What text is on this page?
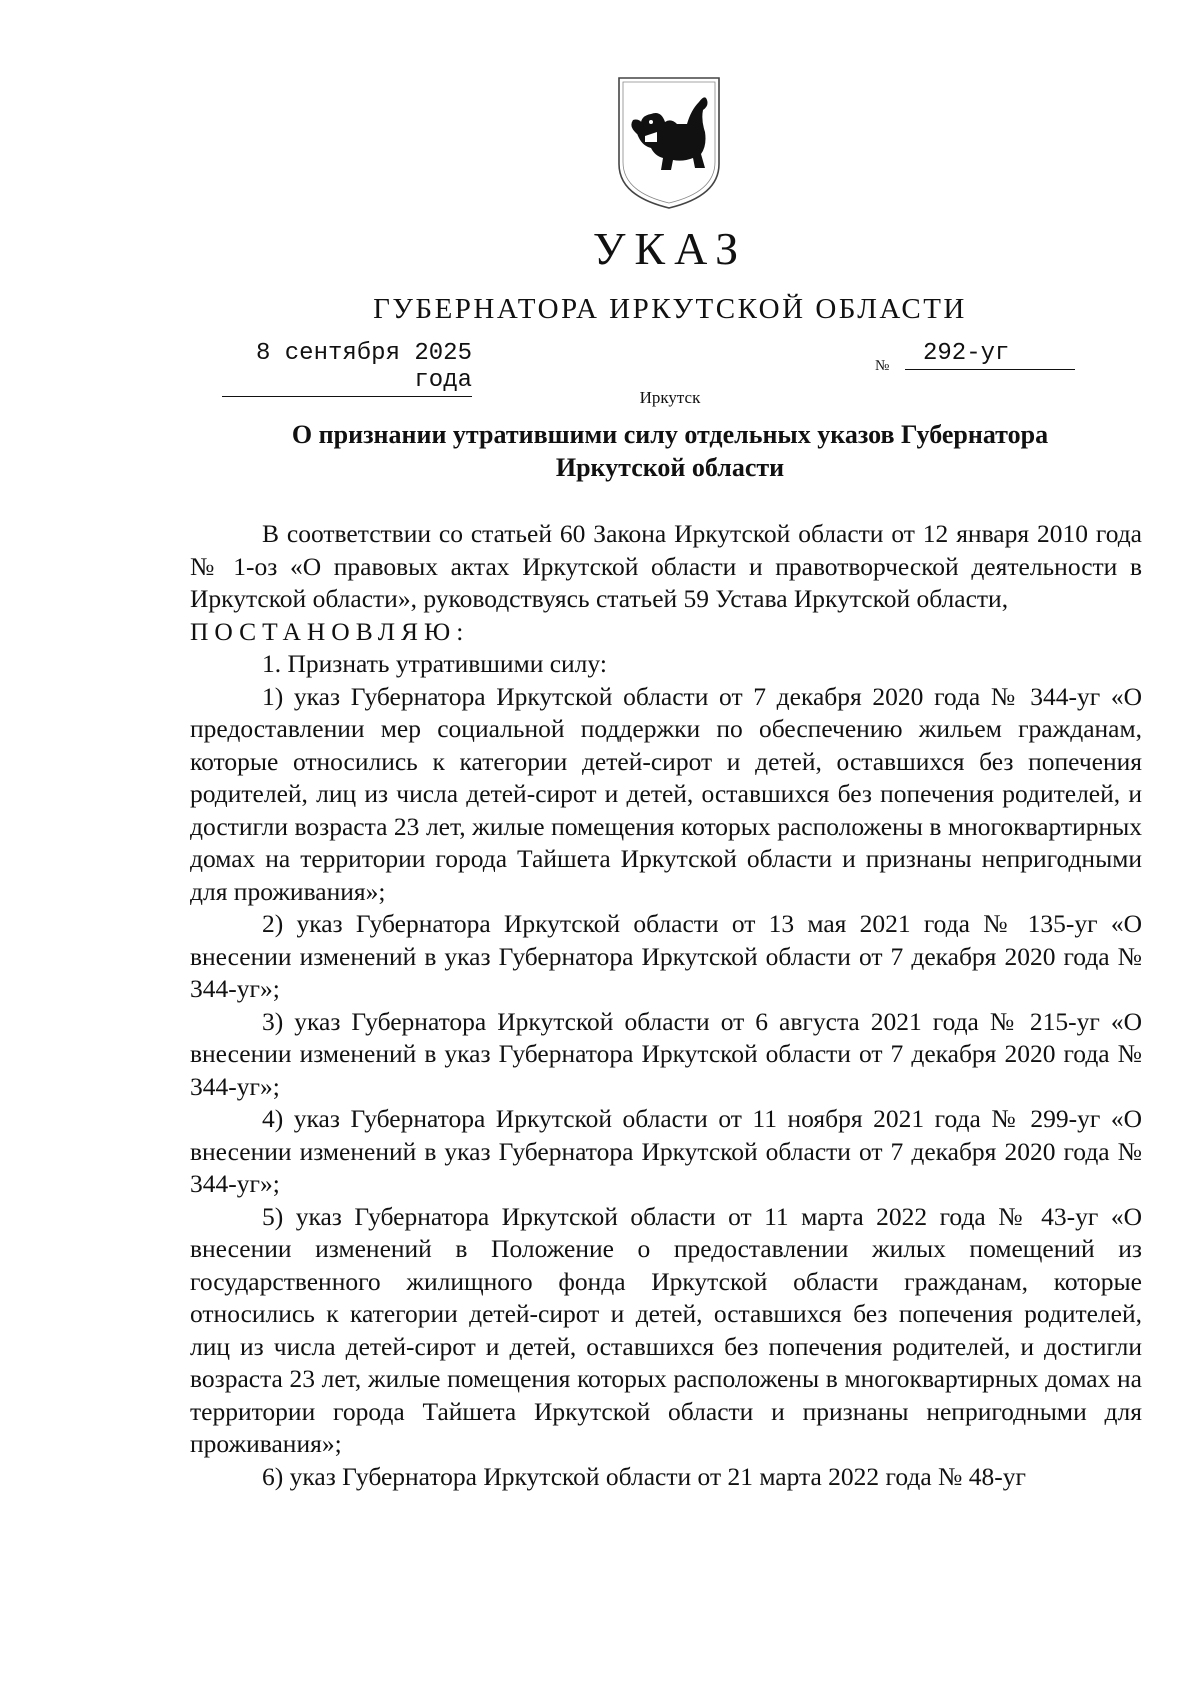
УКАЗ
ГУБЕРНАТОРА ИРКУТСКОЙ ОБЛАСТИ
8 сентября 2025 года
№	292-уг
Иркутск
О признании утратившими силу отдельных указов Губернатора Иркутской области

В соответствии со статьей 60 Закона Иркутской области от 12 января 2010 года № 1-оз «О правовых актах Иркутской области и правотворческой деятельности в Иркутской области», руководствуясь статьей 59 Устава Иркутской области,

ПОСТАНОВЛЯЮ:

1. Признать утратившими силу:

1) указ Губернатора Иркутской области от 7 декабря 2020 года № 344-уг «О предоставлении мер социальной поддержки по обеспечению жильем гражданам, которые относились к категории детей-сирот и детей, оставшихся без попечения родителей, лиц из числа детей-сирот и детей, оставшихся без попечения родителей, и достигли возраста 23 лет, жилые помещения которых расположены в многоквартирных домах на территории города Тайшета Иркутской области и признаны непригодными для проживания»;

2) указ Губернатора Иркутской области от 13 мая 2021 года № 135-уг «О внесении изменений в указ Губернатора Иркутской области от 7 декабря 2020 года № 344-уг»;

3) указ Губернатора Иркутской области от 6 августа 2021 года № 215-уг «О внесении изменений в указ Губернатора Иркутской области от 7 декабря 2020 года № 344-уг»;

4) указ Губернатора Иркутской области от 11 ноября 2021 года № 299-уг «О внесении изменений в указ Губернатора Иркутской области от 7 декабря 2020 года № 344-уг»;

5) указ Губернатора Иркутской области от 11 марта 2022 года № 43-уг «О внесении изменений в Положение о предоставлении жилых помещений из государственного жилищного фонда Иркутской области гражданам, которые относились к категории детей-сирот и детей, оставшихся без попечения родителей, лиц из числа детей-сирот и детей, оставшихся без попечения родителей, и достигли возраста 23 лет, жилые помещения которых расположены в многоквартирных домах на территории города Тайшета Иркутской области и признаны непригодными для проживания»;

6) указ Губернатора Иркутской области от 21 марта 2022 года № 48-уг
